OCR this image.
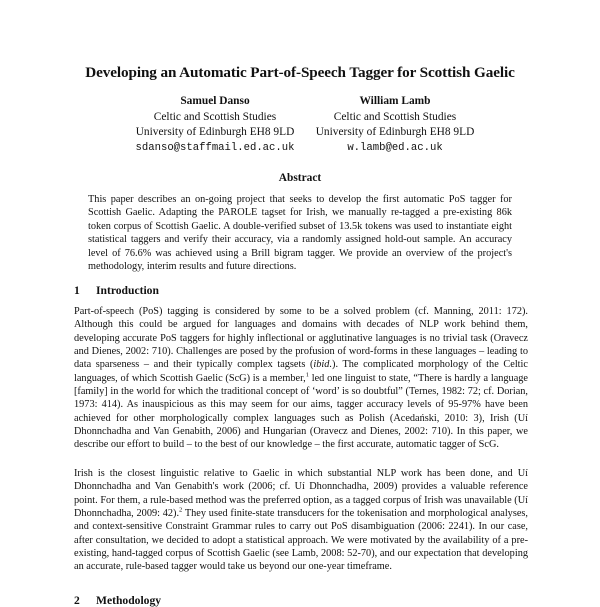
Developing an Automatic Part-of-Speech Tagger for Scottish Gaelic
Samuel Danso
Celtic and Scottish Studies
University of Edinburgh EH8 9LD
sdanso@staffmail.ed.ac.uk
William Lamb
Celtic and Scottish Studies
University of Edinburgh EH8 9LD
w.lamb@ed.ac.uk
Abstract
This paper describes an on-going project that seeks to develop the first automatic PoS tagger for Scottish Gaelic. Adapting the PAROLE tagset for Irish, we manually re-tagged a pre-existing 86k token corpus of Scottish Gaelic. A double-verified subset of 13.5k tokens was used to instantiate eight statistical taggers and verify their accuracy, via a randomly assigned hold-out sample. An accuracy level of 76.6% was achieved using a Brill bigram tagger. We provide an overview of the project's methodology, interim results and future directions.
1 Introduction
Part-of-speech (PoS) tagging is considered by some to be a solved problem (cf. Manning, 2011: 172). Although this could be argued for languages and domains with decades of NLP work behind them, developing accurate PoS taggers for highly inflectional or agglutinative languages is no trivial task (Oravecz and Dienes, 2002: 710). Challenges are posed by the profusion of word-forms in these languages – leading to data sparseness – and their typically complex tagsets (ibid.). The complicated morphology of the Celtic languages, of which Scottish Gaelic (ScG) is a member,$^1$ led one linguist to state, “There is hardly a language [family] in the world for which the traditional concept of ‘word’ is so doubtful” (Ternes, 1982: 72; cf. Dorian, 1973: 414). As inauspicious as this may seem for our aims, tagger accuracy levels of 95-97% have been achieved for other morphologically complex languages such as Polish (Acedański, 2010: 3), Irish (Uí Dhonnchadha and Van Genabith, 2006) and Hungarian (Oravecz and Dienes, 2002: 710). In this paper, we describe our effort to build – to the best of our knowledge – the first accurate, automatic tagger of ScG.
Irish is the closest linguistic relative to Gaelic in which substantial NLP work has been done, and Uí Dhonnchadha and Van Genabith's work (2006; cf. Uí Dhonnchadha, 2009) provides a valuable reference point. For them, a rule-based method was the preferred option, as a tagged corpus of Irish was unavailable (Uí Dhonnchadha, 2009: 42).$^2$ They used finite-state transducers for the tokenisation and morphological analyses, and context-sensitive Constraint Grammar rules to carry out PoS disambiguation (2006: 2241). In our case, after consultation, we decided to adopt a statistical approach. We were motivated by the availability of a pre-existing, hand-tagged corpus of Scottish Gaelic (see Lamb, 2008: 52-70), and our expectation that developing an accurate, rule-based tagger would take us beyond our one-year timeframe.
2 Methodology
